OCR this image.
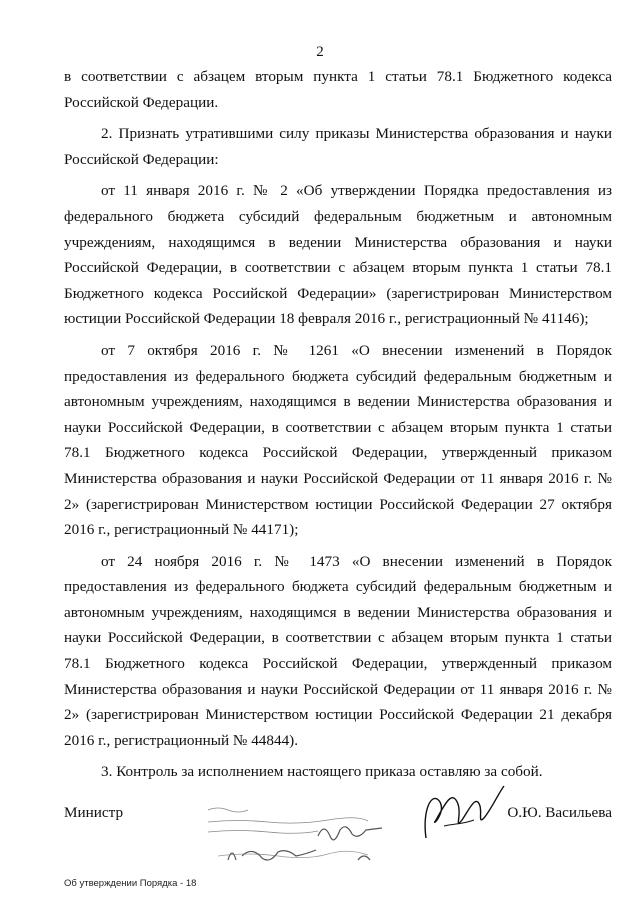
2

в соответствии с абзацем вторым пункта 1 статьи 78.1 Бюджетного кодекса Российской Федерации.

2. Признать утратившими силу приказы Министерства образования и науки Российской Федерации:

от 11 января 2016 г. № 2 «Об утверждении Порядка предоставления из федерального бюджета субсидий федеральным бюджетным и автономным учреждениям, находящимся в ведении Министерства образования и науки Российской Федерации, в соответствии с абзацем вторым пункта 1 статьи 78.1 Бюджетного кодекса Российской Федерации» (зарегистрирован Министерством юстиции Российской Федерации 18 февраля 2016 г., регистрационный № 41146);

от 7 октября 2016 г. № 1261 «О внесении изменений в Порядок предоставления из федерального бюджета субсидий федеральным бюджетным и автономным учреждениям, находящимся в ведении Министерства образования и науки Российской Федерации, в соответствии с абзацем вторым пункта 1 статьи 78.1 Бюджетного кодекса Российской Федерации, утвержденный приказом Министерства образования и науки Российской Федерации от 11 января 2016 г. № 2» (зарегистрирован Министерством юстиции Российской Федерации 27 октября 2016 г., регистрационный № 44171);

от 24 ноября 2016 г. № 1473 «О внесении изменений в Порядок предоставления из федерального бюджета субсидий федеральным бюджетным и автономным учреждениям, находящимся в ведении Министерства образования и науки Российской Федерации, в соответствии с абзацем вторым пункта 1 статьи 78.1 Бюджетного кодекса Российской Федерации, утвержденный приказом Министерства образования и науки Российской Федерации от 11 января 2016 г. № 2» (зарегистрирован Министерством юстиции Российской Федерации 21 декабря 2016 г., регистрационный № 44844).

3. Контроль за исполнением настоящего приказа оставляю за собой.

Министр	О.Ю. Васильева
Об утверждении Порядка - 18
